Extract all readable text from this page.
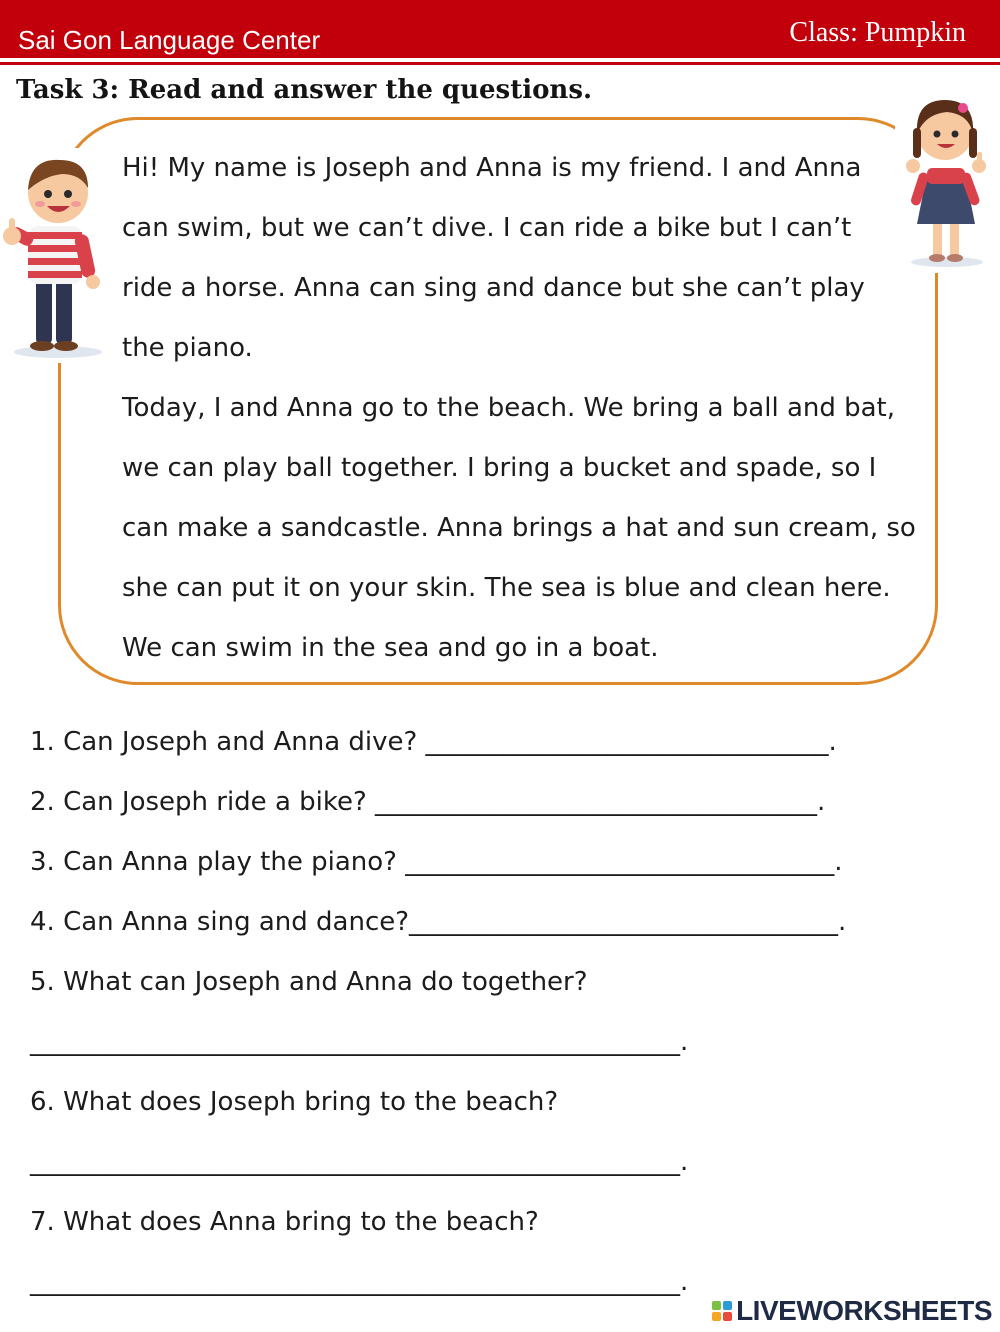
Sai Gon Language Center	Class: Pumpkin
Task 3: Read and answer the questions.
Hi! My name is Joseph and Anna is my friend. I and Anna
can swim, but we can’t dive. I can ride a bike but I can’t
ride a horse. Anna can sing and dance but she can’t play
the piano.
Today, I and Anna go to the beach. We bring a ball and bat,
we can play ball together. I bring a bucket and spade, so I
can make a sandcastle. Anna brings a hat and sun cream, so
she can put it on your skin. The sea is blue and clean here.
We can swim in the sea and go in a boat.
1. Can Joseph and Anna dive? _______________________________.
2. Can Joseph ride a bike? __________________________________.
3. Can Anna play the piano? _________________________________.
4. Can Anna sing and dance?_________________________________.
5. What can Joseph and Anna do together?
__________________________________________________.
6. What does Joseph bring to the beach?
__________________________________________________.
7. What does Anna bring to the beach?
__________________________________________________.
LIVEWORKSHEETS
